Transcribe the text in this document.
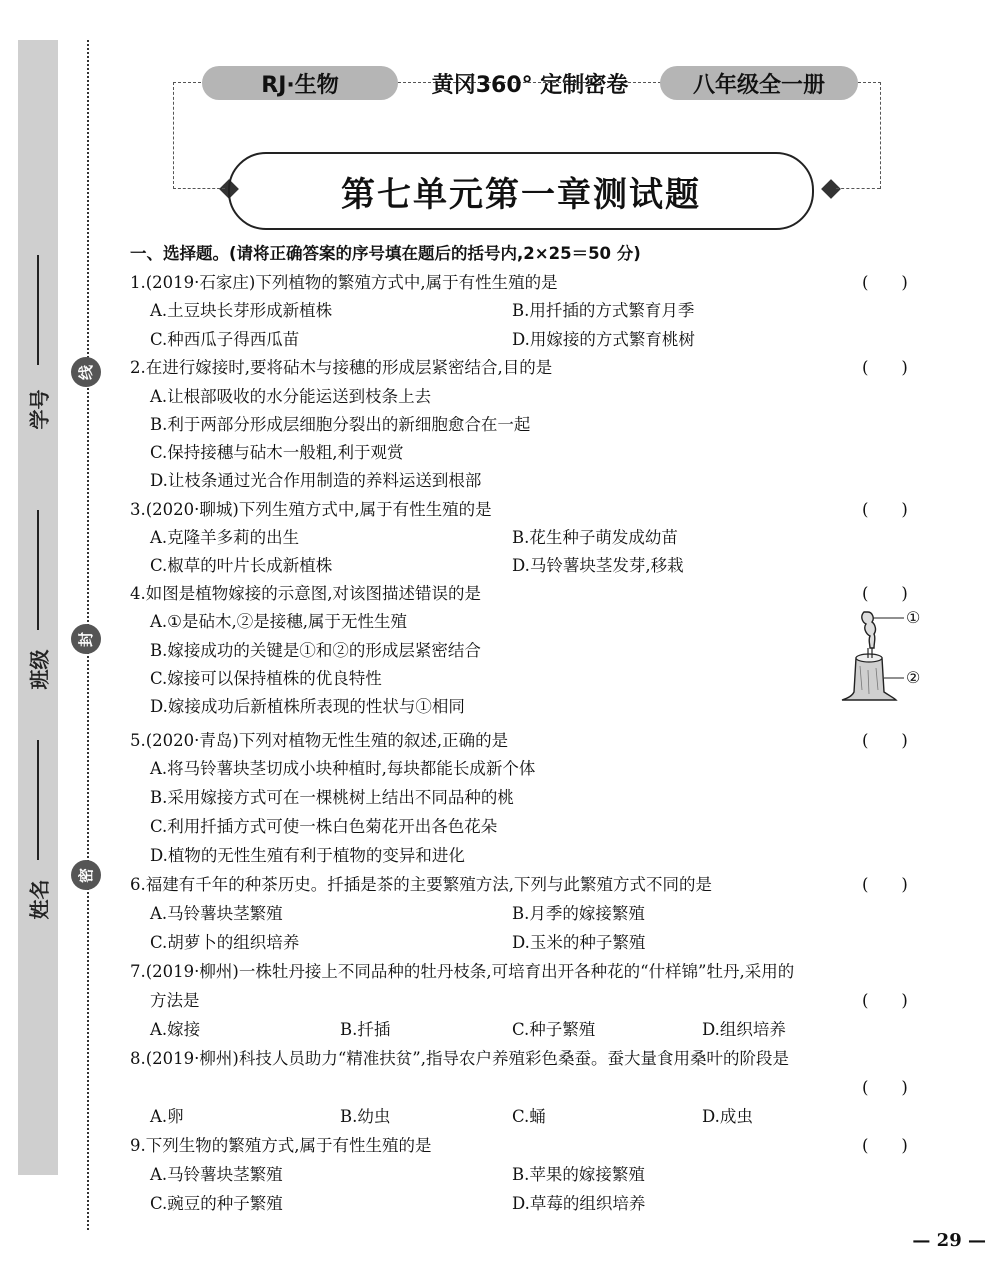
学号
班级
姓名
线
封
密
RJ·生物	黄冈360° 定制密卷	八年级全一册
第七单元第一章测试题
一、选择题。(请将正确答案的序号填在题后的括号内,2×25＝50 分)
1.(2019·石家庄)下列植物的繁殖方式中,属于有性生殖的是	(　　)
A.土豆块长芽形成新植株	B.用扦插的方式繁育月季
C.种西瓜子得西瓜苗	D.用嫁接的方式繁育桃树
2.在进行嫁接时,要将砧木与接穗的形成层紧密结合,目的是	(　　)
A.让根部吸收的水分能运送到枝条上去
B.利于两部分形成层细胞分裂出的新细胞愈合在一起
C.保持接穗与砧木一般粗,利于观赏
D.让枝条通过光合作用制造的养料运送到根部
3.(2020·聊城)下列生殖方式中,属于有性生殖的是	(　　)
A.克隆羊多莉的出生	B.花生种子萌发成幼苗
C.椒草的叶片长成新植株	D.马铃薯块茎发芽,移栽
4.如图是植物嫁接的示意图,对该图描述错误的是	(　　)
A.①是砧木,②是接穗,属于无性生殖
B.嫁接成功的关键是①和②的形成层紧密结合
C.嫁接可以保持植株的优良特性
D.嫁接成功后新植株所表现的性状与①相同
5.(2020·青岛)下列对植物无性生殖的叙述,正确的是	(　　)
A.将马铃薯块茎切成小块种植时,每块都能长成新个体
B.采用嫁接方式可在一棵桃树上结出不同品种的桃
C.利用扦插方式可使一株白色菊花开出各色花朵
D.植物的无性生殖有利于植物的变异和进化
6.福建有千年的种茶历史。扦插是茶的主要繁殖方法,下列与此繁殖方式不同的是	(　　)
A.马铃薯块茎繁殖	B.月季的嫁接繁殖
C.胡萝卜的组织培养	D.玉米的种子繁殖
7.(2019·柳州)一株牡丹接上不同品种的牡丹枝条,可培育出开各种花的“什样锦”牡丹,采用的
方法是	(　　)
A.嫁接	B.扦插	C.种子繁殖	D.组织培养
8.(2019·柳州)科技人员助力“精准扶贫”,指导农户养殖彩色桑蚕。蚕大量食用桑叶的阶段是
(　　)
A.卵	B.幼虫	C.蛹	D.成虫
9.下列生物的繁殖方式,属于有性生殖的是	(　　)
A.马铃薯块茎繁殖	B.苹果的嫁接繁殖
C.豌豆的种子繁殖	D.草莓的组织培养
①
②
— 29 —
